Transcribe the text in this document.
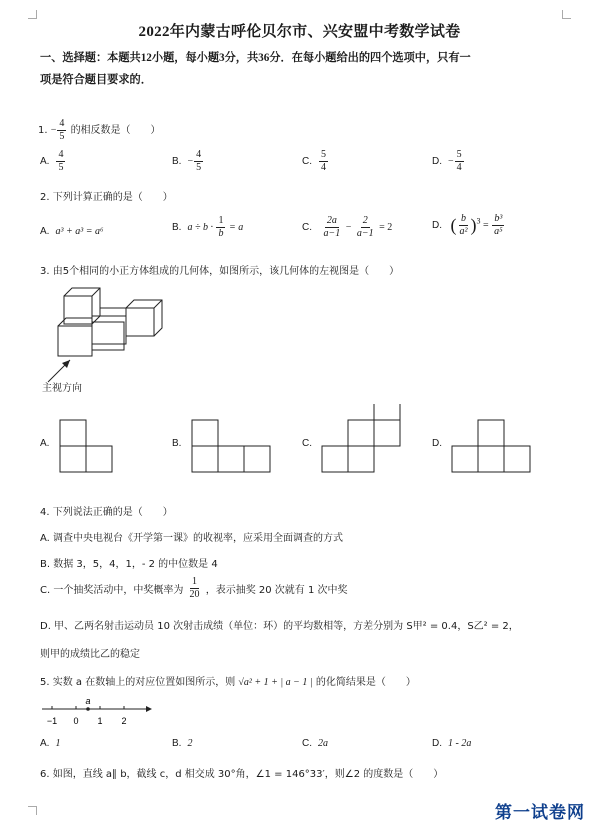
2022年内蒙古呼伦贝尔市、兴安盟中考数学试卷
一、选择题：本题共12小题，每小题3分，共36分．在每小题给出的四个选项中，只有一
项是符合题目要求的．
1. − $\frac{4}{5}$ 的相反数是（　　）
A. $\frac{4}{5}$	B. − $\frac{4}{5}$	C. $\frac{5}{4}$	D. − $\frac{5}{4}$
2. 下列计算正确的是（　　）
A. a³ + a³ = a⁶	B. $a \div b \cdot \frac{1}{b} = a$	C. $\frac{2a}{a-1} - \frac{2}{a-1} = 2$	D. ( $\frac{b}{\text{a²}} )^3 = \frac{\text{b³}}{\text{a⁵}}$
3. 由5个相同的小正方体组成的几何体，如图所示，该几何体的左视图是（　　）
主视方向
A.	B.	C.	D.
4. 下列说法正确的是（　　）
A. 调查中央电视台《开学第一课》的收视率，应采用全面调查的方式
B. 数据 3，5，4，1，- 2 的中位数是 4
C. 一个抽奖活动中，中奖概率为 $\frac{1}{20}$ ，表示抽奖 20 次就有 1 次中奖
D. 甲、乙两名射击运动员 10 次射击成绩（单位：环）的平均数相等，方差分别为 S甲² = 0.4，S乙² = 2，
则甲的成绩比乙的稳定
5. 实数 a 在数轴上的对应位置如图所示，则 √a² + 1 + | a − 1 | 的化简结果是（　　）
−1 0 1 2
a
A. 1	B. 2	C. 2a	D. 1 - 2a
6. 如图，直线 a∥ b，截线 c，d 相交成 30°角，∠1 = 146°33′，则∠2 的度数是（　　）
第一试卷网
